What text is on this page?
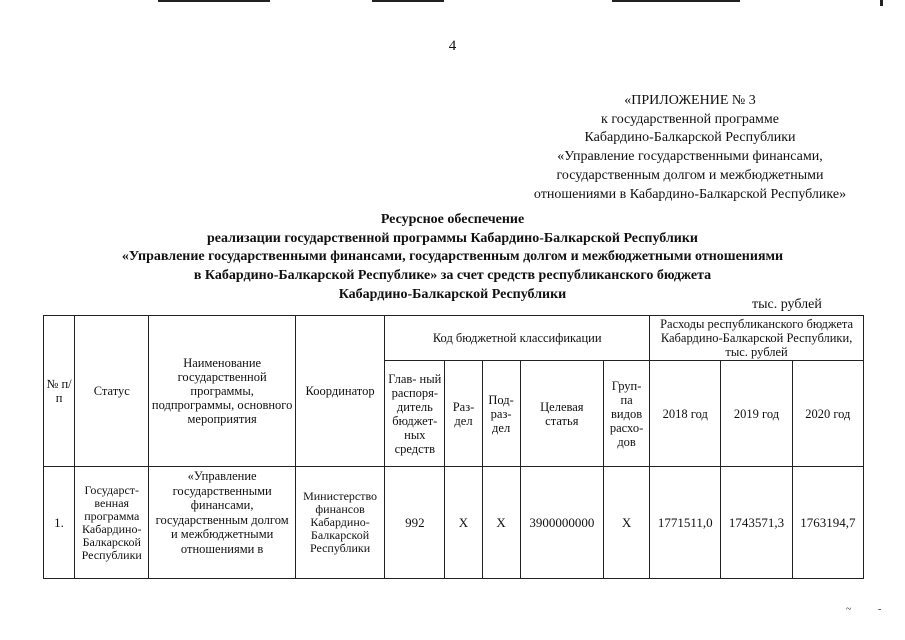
4
«ПРИЛОЖЕНИЕ № 3
к государственной программе
Кабардино-Балкарской Республики
«Управление государственными финансами,
государственным долгом и межбюджетными
отношениями в Кабардино-Балкарской Республике»
Ресурсное обеспечение
реализации государственной программы Кабардино-Балкарской Республики
«Управление государственными финансами, государственным долгом и межбюджетными отношениями
в Кабардино-Балкарской Республике» за счет средств республиканского бюджета
Кабардино-Балкарской Республики
тыс. рублей
№ п/п	Статус	Наименование государственной программы, подпрограммы, основного мероприятия	Координатор	Код бюджетной классификации					Расходы республиканского бюджета Кабардино-Балкарской Республики, тыс. рублей		
				Глав- ный распоря- дитель бюджет- ных средств	Раз- дел	Под- раз- дел	Целевая статья	Груп- па видов расхо- дов	2018 год	2019 год	2020 год
1.	Государст- венная программа Кабардино- Балкарской Республики	«Управление государственными финансами, государственным долгом и межбюджетными отношениями в	Министерство финансов Кабардино- Балкарской Республики	992	Х	Х	3900000000	Х	1771511,0	1743571,3	1763194,7
~	-
